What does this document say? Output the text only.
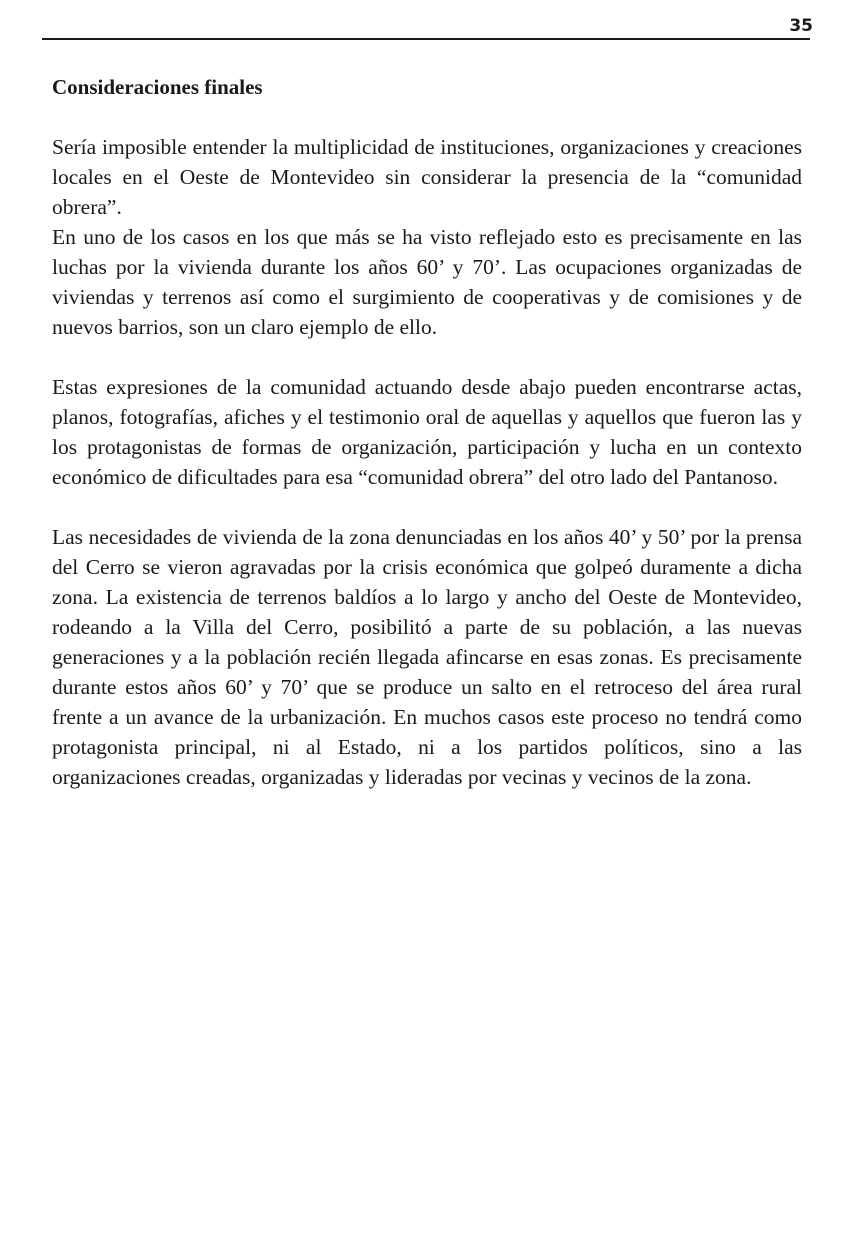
35
Consideraciones finales

Sería imposible entender la multiplicidad de instituciones, organizaciones y creaciones locales en el Oeste de Montevideo sin considerar la presencia de la “comunidad obrera”.

En uno de los casos en los que más se ha visto reflejado esto es precisamente en las luchas por la vivienda durante los años 60’ y 70’. Las ocupaciones organizadas de viviendas y terrenos así como el surgimiento de cooperativas y de comisiones y de nuevos barrios, son un claro ejemplo de ello.

Estas expresiones de la comunidad actuando desde abajo pueden encontrarse actas, planos, fotografías, afiches y el testimonio oral de aquellas y aquellos que fueron las y los protagonistas de formas de organización, participación y lucha en un contexto económico de dificultades para esa “comunidad obrera” del otro lado del Pantanoso.

Las necesidades de vivienda de la zona denunciadas en los años 40’ y 50’ por la prensa del Cerro se vieron agravadas por la crisis económica que golpeó duramente a dicha zona. La existencia de terrenos baldíos a lo largo y ancho del Oeste de Montevideo, rodeando a la Villa del Cerro, posibilitó a parte de su población, a las nuevas generaciones y a la población recién llegada afincarse en esas zonas. Es precisamente durante estos años 60’ y 70’ que se produce un salto en el retroceso del área rural frente a un avance de la urbanización. En muchos casos este proceso no tendrá como protagonista principal, ni al Estado, ni a los partidos políticos, sino a las organizaciones creadas, organizadas y lideradas por vecinas y vecinos de la zona.
